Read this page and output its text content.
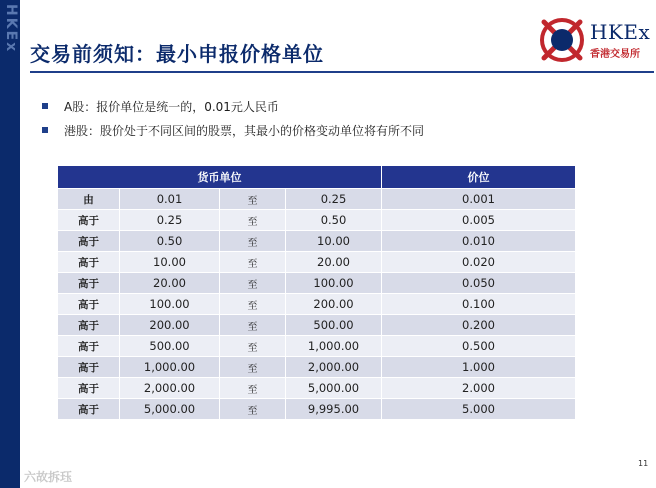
HKEx	HKEx
香港交易所
交易前须知：最小申报价格单位
A股：报价单位是统一的，0.01元人民币
港股：股价处于不同区间的股票，其最小的价格变动单位将有所不同
货币单位				价位
由	0.01	至	0.25	0.001
高于	0.25	至	0.50	0.005
高于	0.50	至	10.00	0.010
高于	10.00	至	20.00	0.020
高于	20.00	至	100.00	0.050
高于	100.00	至	200.00	0.100
高于	200.00	至	500.00	0.200
高于	500.00	至	1,000.00	0.500
高于	1,000.00	至	2,000.00	1.000
高于	2,000.00	至	5,000.00	2.000
高于	5,000.00	至	9,995.00	5.000
11
六故拆珏
